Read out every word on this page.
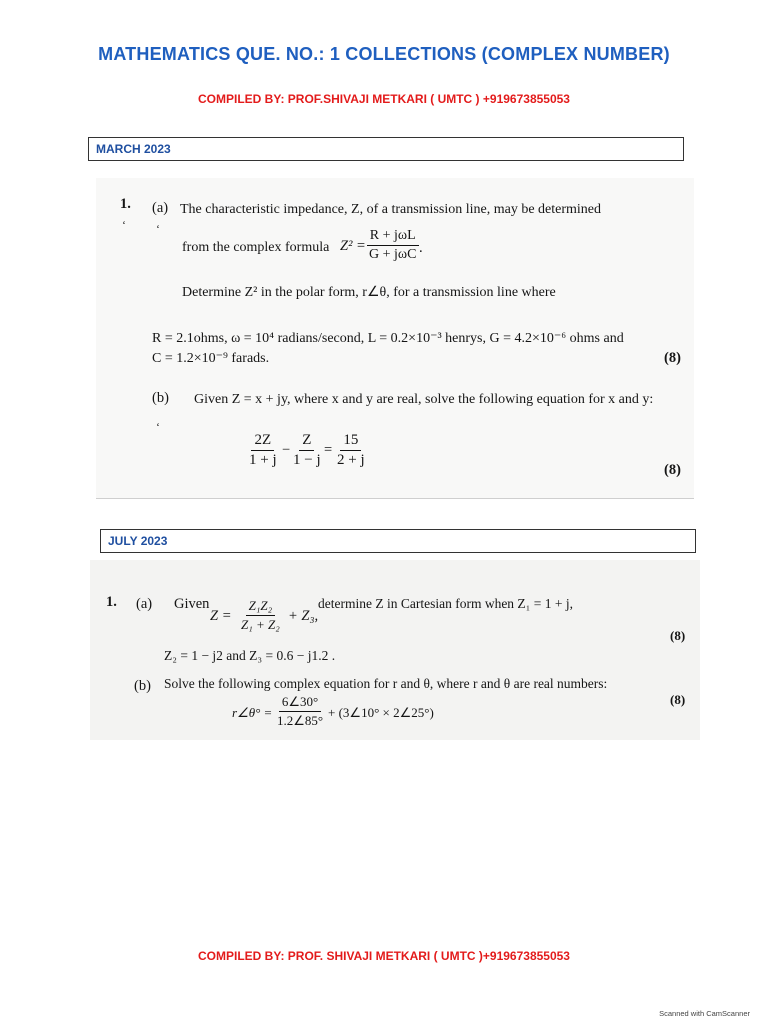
MATHEMATICS QUE. NO.: 1 COLLECTIONS (COMPLEX NUMBER)
COMPILED BY: PROF.SHIVAJI METKARI ( UMTC ) +919673855053
MARCH 2023
1.
‘
(a) The characteristic impedance, Z, of a transmission line, may be determined
‘
from the complex formula Z² =
R + jωL
G + jωC .
Determine Z² in the polar form, r∠θ, for a transmission line where
R = 2.1ohms, ω = 10⁴ radians/second, L = 0.2×10⁻³ henrys, G = 4.2×10⁻⁶ ohms and
C = 1.2×10⁻⁹ farads.	(8)
(b) Given Z = x + jy, where x and y are real, solve the following equation for x and y:
‘
$\frac{2Z}{1 + j} - \frac{Z}{1 - j} = \frac{15}{2 + j}$
(8)
JULY 2023
1. (a) Given
$Z = \frac{\text{Z₁Z₂}}{\text{Z₁ + Z₂}} + Z_3$,
determine Z in Cartesian form when Z₁ = 1 + j,
(8)
Z₂ = 1 − j2 and Z₃ = 0.6 − j1.2 .
(b) Solve the following complex equation for r and θ, where r and θ are real numbers:
(8)
r∠θ° = $\frac{6\angle 30^\circ}{1.2\angle 85^\circ}$ + (3∠10° × 2∠25°)
COMPILED BY: PROF. SHIVAJI METKARI ( UMTC )+919673855053
Scanned with CamScanner
